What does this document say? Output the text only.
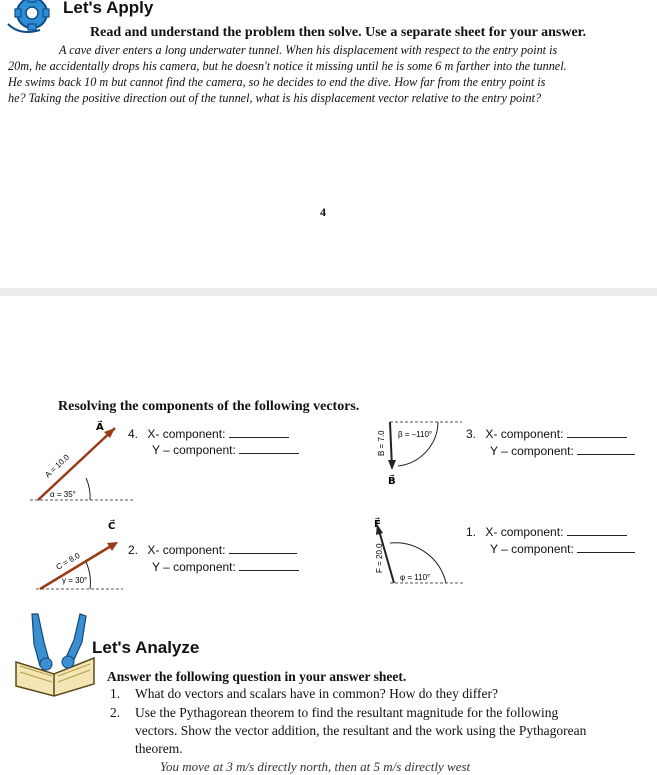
Let's Apply
Read and understand the problem then solve. Use a separate sheet for your answer.
A cave diver enters a long underwater tunnel. When his displacement with respect to the entry point is
20m, he accidentally drops his camera, but he doesn't notice it missing until he is some 6 m farther into the tunnel.
He swims back 10 m but cannot find the camera, so he decides to end the dive. How far from the entry point is
he? Taking the positive direction out of the tunnel, what is his displacement vector relative to the entry point?
4
Resolving the components of the following vectors.
A⃗
A = 10.0
α = 35°
4. X- component:
Y – component:	B = 7.0 β = –110°
B⃗
3. X- component:
Y – component:
C⃗
C = 8.0
γ = 30°
2. X- component:
Y – component:
F⃗
F = 20.0
φ = 110°
1. X- component:
Y – component:
Let's Analyze
Answer the following question in your answer sheet.
1. What do vectors and scalars have in common? How do they differ?
2. Use the Pythagorean theorem to find the resultant magnitude for the following
vectors. Show the vector addition, the resultant and the work using the Pythagorean
theorem.
You move at 3 m/s directly north, then at 5 m/s directly west
